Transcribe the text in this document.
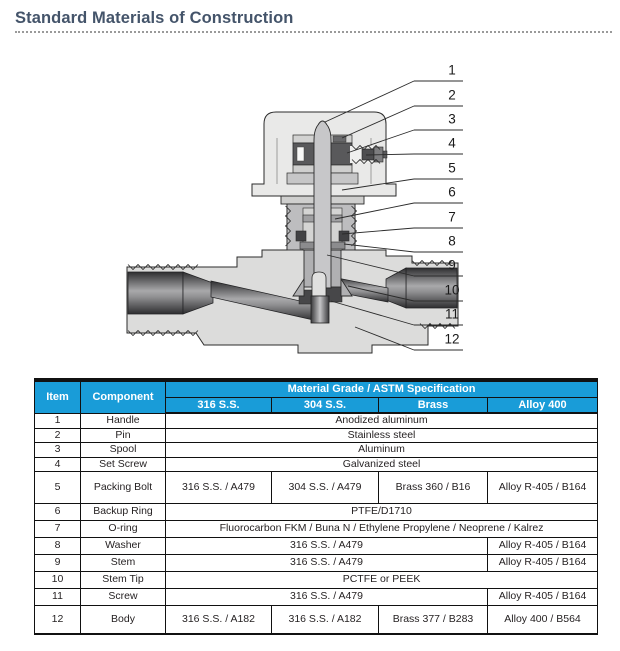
Standard Materials of Construction
1
2
3
4
5
6
7
8
9
10
11
12
Item	Component	Material Grade / ASTM Specification			
		316 S.S.	304 S.S.	Brass	Alloy 400
1	Handle	Anodized aluminum			
2	Pin	Stainless steel			
3	Spool	Aluminum			
4	Set Screw	Galvanized steel			
5	Packing Bolt	316 S.S. / A479	304 S.S. / A479	Brass 360 / B16	Alloy R-405 / B164
6	Backup Ring	PTFE/D1710			
7	O-ring	Fluorocarbon FKM / Buna N / Ethylene Propylene / Neoprene / Kalrez			
8	Washer	316 S.S. / A479			Alloy R-405 / B164
9	Stem	316 S.S. / A479			Alloy R-405 / B164
10	Stem Tip	PCTFE or PEEK			
11	Screw	316 S.S. / A479			Alloy R-405 / B164
12	Body	316 S.S. / A182	316 S.S. / A182	Brass 377 / B283	Alloy 400 / B564
